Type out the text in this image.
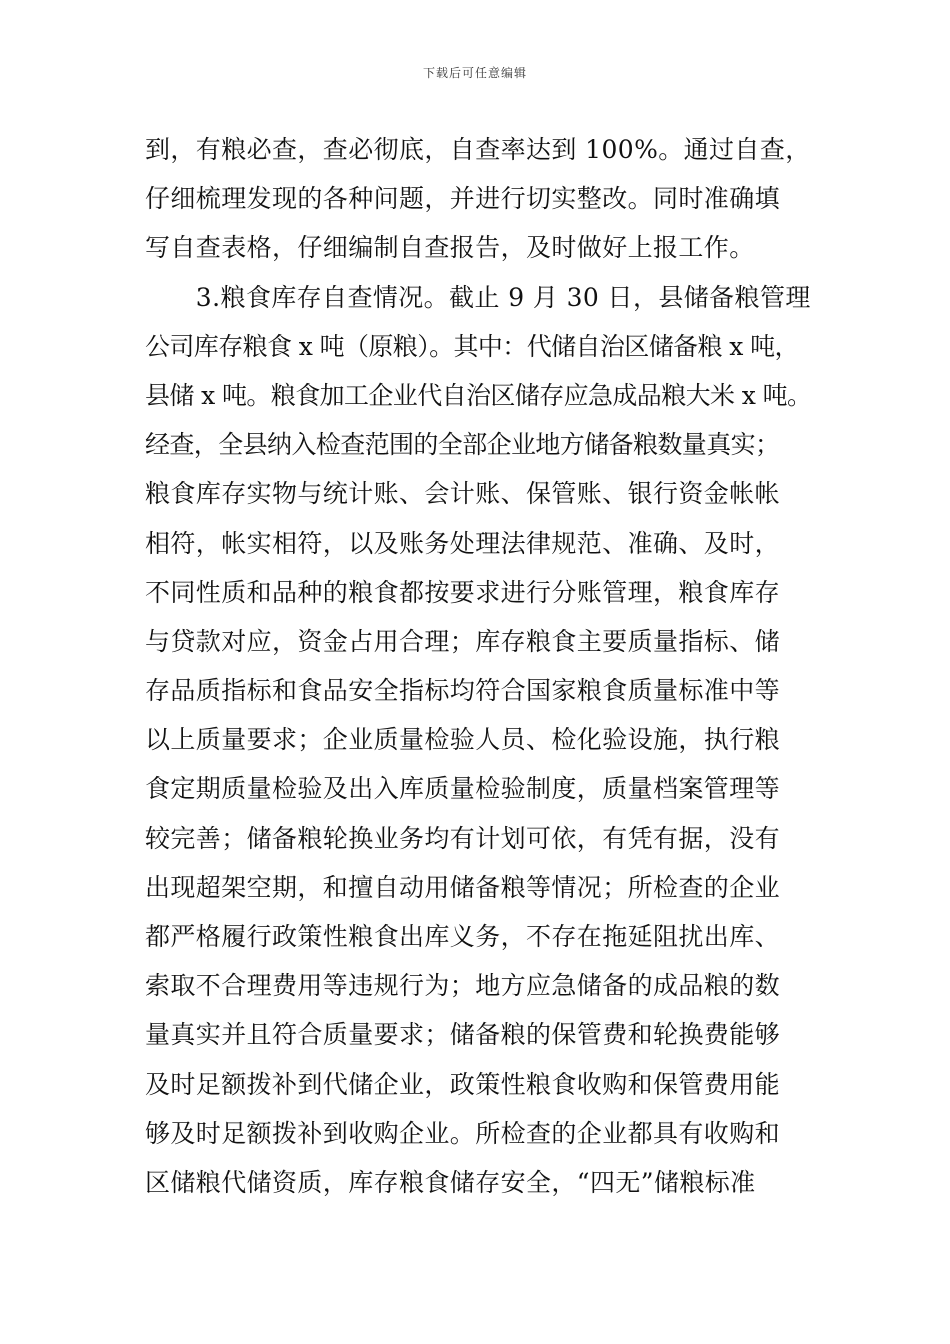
下载后可任意编辑
到，有粮必查，查必彻底，自查率达到 100%。通过自查，
仔细梳理发现的各种问题，并进行切实整改。同时准确填
写自查表格，仔细编制自查报告，及时做好上报工作。
　　3.粮食库存自查情况。截止 9 月 30 日，县储备粮管理
公司库存粮食 x 吨（原粮）。其中：代储自治区储备粮 x 吨，
县储 x 吨。粮食加工企业代自治区储存应急成品粮大米 x 吨。
经查，全县纳入检查范围的全部企业地方储备粮数量真实；
粮食库存实物与统计账、会计账、保管账、银行资金帐帐
相符，帐实相符，以及账务处理法律规范、准确、及时，
不同性质和品种的粮食都按要求进行分账管理，粮食库存
与贷款对应，资金占用合理；库存粮食主要质量指标、储
存品质指标和食品安全指标均符合国家粮食质量标准中等
以上质量要求；企业质量检验人员、检化验设施，执行粮
食定期质量检验及出入库质量检验制度，质量档案管理等
较完善；储备粮轮换业务均有计划可依，有凭有据，没有
出现超架空期，和擅自动用储备粮等情况；所检查的企业
都严格履行政策性粮食出库义务，不存在拖延阻扰出库、
索取不合理费用等违规行为；地方应急储备的成品粮的数
量真实并且符合质量要求；储备粮的保管费和轮换费能够
及时足额拨补到代储企业，政策性粮食收购和保管费用能
够及时足额拨补到收购企业。所检查的企业都具有收购和
区储粮代储资质，库存粮食储存安全，“四无”储粮标准
